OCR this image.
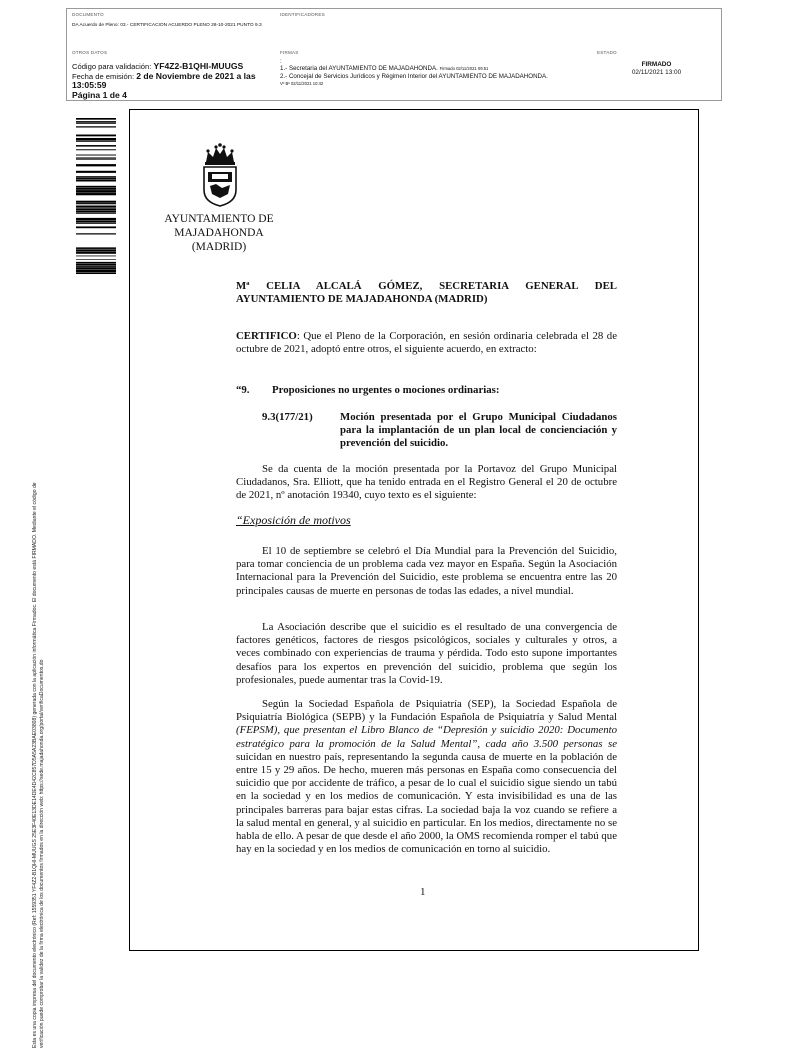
DOCUMENTO
DA Acuerdo de Pleno: 03.- CERTIFICACION ACUERDO PLENO 28-10-2021 PUNTO 9.3
IDENTIFICADORES
OTROS DATOS
Código para validación: YF4Z2-B1QHI-MUUGS
Fecha de emisión: 2 de Noviembre de 2021 a las 13:05:59
Página 1 de 4
FIRMAS
:
1.- Secretaria del AYUNTAMIENTO DE MAJADAHONDA. Firmado 02/11/2021 09:51
2.- Concejal de Servicios Jurídicos y Régimen Interior del AYUNTAMIENTO DE MAJADAHONDA.
Vº Bº 02/11/2021 10:42
ESTADO
FIRMADO
02/11/2021 13:00
Esta es una copia impresa del documento electrónico (Ref: 1559351 YF4Z2-B1QHI-MUUGS 25E3F40E13DE14DE4D42C857D5A5A23BAE03808) generada con la aplicación informática Firmadoc. El documento está FIRMADO. Mediante el código de verificación puede comprobar la validez de la firma electrónica de los documentos firmados en la dirección web: https://sede.majadahonda.org/portal/verificaDocumentos.do
AYUNTAMIENTO DE
MAJADAHONDA
(MADRID)
Mª CELIA ALCALÁ GÓMEZ, SECRETARIA GENERAL DEL
AYUNTAMIENTO DE MAJADAHONDA (MADRID)
CERTIFICO: Que el Pleno de la Corporación, en sesión ordinaria celebrada el 28 de octubre de 2021, adoptó entre otros, el siguiente acuerdo, en extracto:
“9. Proposiciones no urgentes o mociones ordinarias:
9.3(177/21)	Moción presentada por el Grupo Municipal Ciudadanos para la implantación de un plan local de concienciación y prevención del suicidio.
Se da cuenta de la moción presentada por la Portavoz del Grupo Municipal Ciudadanos, Sra. Elliott, que ha tenido entrada en el Registro General el 20 de octubre de 2021, nº anotación 19340, cuyo texto es el siguiente:
“Exposición de motivos
El 10 de septiembre se celebró el Día Mundial para la Prevención del Suicidio, para tomar conciencia de un problema cada vez mayor en España. Según la Asociación Internacional para la Prevención del Suicidio, este problema se encuentra entre las 20 principales causas de muerte en personas de todas las edades, a nivel mundial.
La Asociación describe que el suicidio es el resultado de una convergencia de factores genéticos, factores de riesgos psicológicos, sociales y culturales y otros, a veces combinado con experiencias de trauma y pérdida. Todo esto supone importantes desafíos para los expertos en prevención del suicidio, problema que según los profesionales, puede aumentar tras la Covid-19.
Según la Sociedad Española de Psiquiatría (SEP), la Sociedad Española de Psiquiatría Biológica (SEPB) y la Fundación Española de Psiquiatría y Salud Mental (FEPSM), que presentan el Libro Blanco de “Depresión y suicidio 2020: Documento estratégico para la promoción de la Salud Mental”, cada año 3.500 personas se suicidan en nuestro país, representando la segunda causa de muerte en la población de entre 15 y 29 años. De hecho, mueren más personas en España como consecuencia del suicidio que por accidente de tráfico, a pesar de lo cual el suicidio sigue siendo un tabú en la sociedad y en los medios de comunicación. Y esta invisibilidad es una de las principales barreras para bajar estas cifras. La sociedad baja la voz cuando se refiere a la salud mental en general, y al suicidio en particular. En los medios, directamente no se habla de ello. A pesar de que desde el año 2000, la OMS recomienda romper el tabú que hay en la sociedad y en los medios de comunicación en torno al suicidio.
1
